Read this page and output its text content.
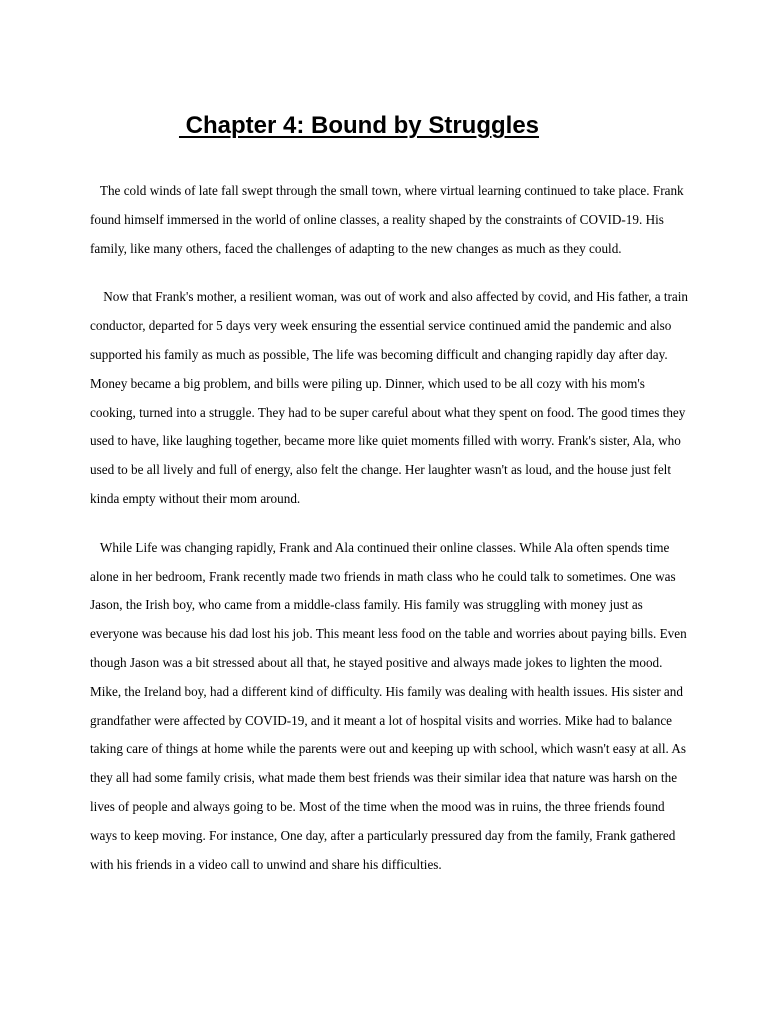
Chapter 4: Bound by Struggles

The cold winds of late fall swept through the small town, where virtual learning continued to take place. Frank found himself immersed in the world of online classes, a reality shaped by the constraints of COVID-19. His family, like many others, faced the challenges of adapting to the new changes as much as they could.

Now that Frank's mother, a resilient woman, was out of work and also affected by covid, and His father, a train conductor, departed for 5 days very week ensuring the essential service continued amid the pandemic and also supported his family as much as possible, The life was becoming difficult and changing rapidly day after day. Money became a big problem, and bills were piling up. Dinner, which used to be all cozy with his mom's cooking, turned into a struggle. They had to be super careful about what they spent on food. The good times they used to have, like laughing together, became more like quiet moments filled with worry. Frank's sister, Ala, who used to be all lively and full of energy, also felt the change. Her laughter wasn't as loud, and the house just felt kinda empty without their mom around.

While Life was changing rapidly, Frank and Ala continued their online classes. While Ala often spends time alone in her bedroom, Frank recently made two friends in math class who he could talk to sometimes. One was Jason, the Irish boy, who came from a middle-class family. His family was struggling with money just as everyone was because his dad lost his job. This meant less food on the table and worries about paying bills. Even though Jason was a bit stressed about all that, he stayed positive and always made jokes to lighten the mood. Mike, the Ireland boy, had a different kind of difficulty. His family was dealing with health issues. His sister and grandfather were affected by COVID-19, and it meant a lot of hospital visits and worries. Mike had to balance taking care of things at home while the parents were out and keeping up with school, which wasn't easy at all. As they all had some family crisis, what made them best friends was their similar idea that nature was harsh on the lives of people and always going to be. Most of the time when the mood was in ruins, the three friends found ways to keep moving. For instance, One day, after a particularly pressured day from the family, Frank gathered with his friends in a video call to unwind and share his difficulties.
